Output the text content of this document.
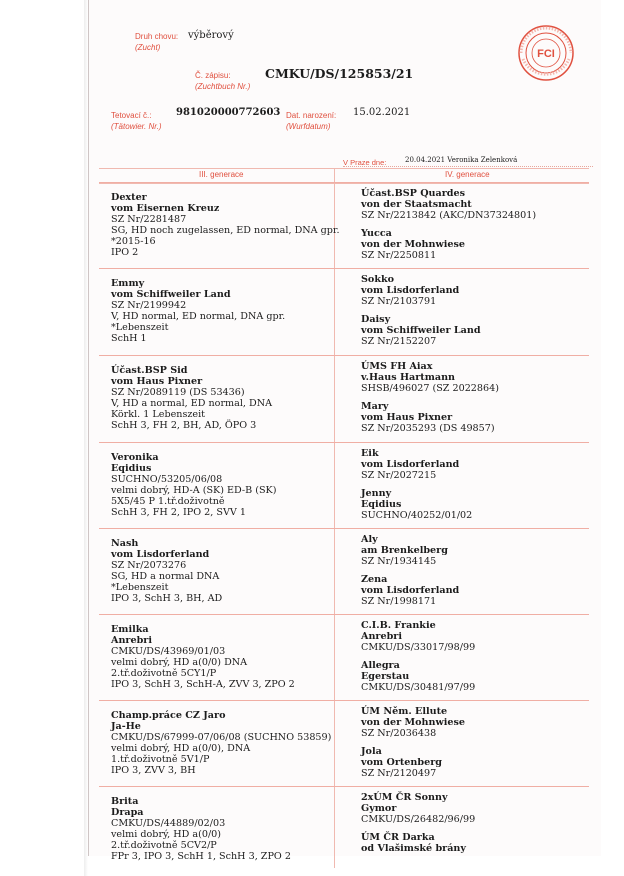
Druh chovu:
(Zucht)
výběrový
Č. zápisu:
(Zuchtbuch Nr.)
CMKU/DS/125853/21
Tetovací č.:
(Tätowier. Nr.)
981020000772603 Dat. narození:
(Wurfdatum)
15.02.2021
V Praze dne:	20.04.2021 Veronika Zelenková
FCI
III. generace	IV. generace
Dexter
vom Eisernen Kreuz
SZ Nr/2281487
SG, HD noch zugelassen, ED normal, DNA gpr.
*2015-16
IPO 2
Účast.BSP Quardes
von der Staatsmacht
SZ Nr/2213842 (AKC/DN37324801)
Yucca
von der Mohnwiese
SZ Nr/2250811
Emmy
vom Schiffweiler Land
SZ Nr/2199942
V, HD normal, ED normal, DNA gpr.
*Lebenszeit
SchH 1
Sokko
vom Lisdorferland
SZ Nr/2103791
Daisy
vom Schiffweiler Land
SZ Nr/2152207
Účast.BSP Sid
vom Haus Pixner
SZ Nr/2089119 (DS 53436)
V, HD a normal, ED normal, DNA
Körkl. 1 Lebenszeit
SchH 3, FH 2, BH, AD, ÖPO 3
ÚMS FH Aiax
v.Haus Hartmann
SHSB/496027 (SZ 2022864)
Mary
vom Haus Pixner
SZ Nr/2035293 (DS 49857)
Veronika
Eqidius
SUCHNO/53205/06/08
velmi dobrý, HD-A (SK) ED-B (SK)
5X5/45 P 1.tř.doživotně
SchH 3, FH 2, IPO 2, SVV 1
Eik
vom Lisdorferland
SZ Nr/2027215
Jenny
Eqidius
SUCHNO/40252/01/02
Nash
vom Lisdorferland
SZ Nr/2073276
SG, HD a normal DNA
*Lebenszeit
IPO 3, SchH 3, BH, AD
Aly
am Brenkelberg
SZ Nr/1934145
Zena
vom Lisdorferland
SZ Nr/1998171
Emilka
Anrebri
CMKU/DS/43969/01/03
velmi dobrý, HD a(0/0) DNA
2.tř.doživotně 5CY1/P
IPO 3, SchH 3, SchH-A, ZVV 3, ZPO 2
C.I.B. Frankie
Anrebri
CMKU/DS/33017/98/99
Allegra
Egerstau
CMKU/DS/30481/97/99
Champ.práce CZ Jaro
Ja-He
CMKU/DS/67999-07/06/08 (SUCHNO 53859)
velmi dobrý, HD a(0/0), DNA
1.tř.doživotně 5V1/P
IPO 3, ZVV 3, BH
ÚM Něm. Ellute
von der Mohnwiese
SZ Nr/2036438
Jola
vom Ortenberg
SZ Nr/2120497
Brita
Drapa
CMKU/DS/44889/02/03
velmi dobrý, HD a(0/0)
2.tř.doživotně 5CV2/P
FPr 3, IPO 3, SchH 1, SchH 3, ZPO 2
2xÚM ČR Sonny
Gymor
CMKU/DS/26482/96/99
ÚM ČR Darka
od Vlašimské brány
